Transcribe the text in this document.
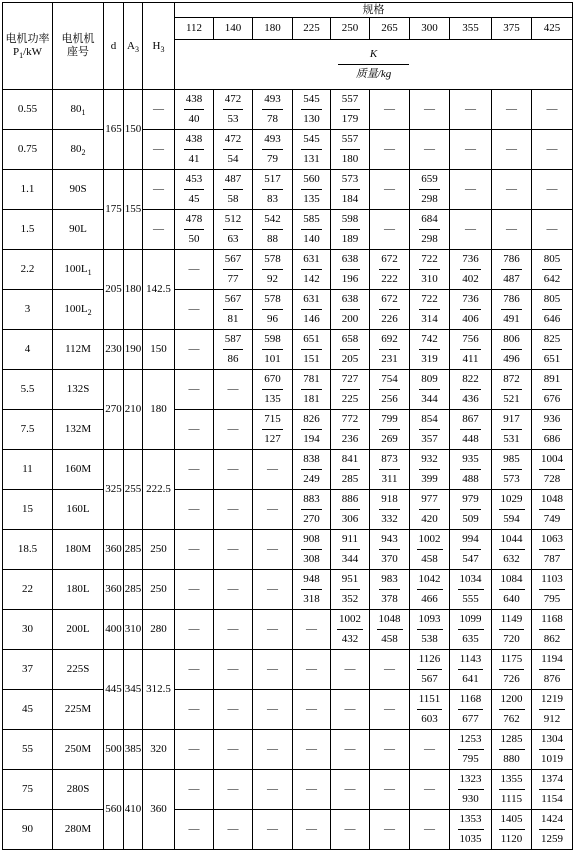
电机功率
$P_1/kW$	电机机
座号	d	$A_3$	$H_3$	规格									
					112	140	180	225	250	265	300	355	375	425

					$\frac{K}{\text{质量/kg}}$

0.55	$80_1$	165	150	—	$\frac{438}{40}$	$\frac{472}{53}$	$\frac{493}{78}$	$\frac{545}{130}$	$\frac{557}{179}$	—	—	—	—	—
0.75	$80_2$			—	$\frac{438}{41}$	$\frac{472}{54}$	$\frac{493}{79}$	$\frac{545}{131}$	$\frac{557}{180}$	—	—	—	—	—
1.1	90S	175	155	—	$\frac{453}{45}$	$\frac{487}{58}$	$\frac{517}{83}$	$\frac{560}{135}$	$\frac{573}{184}$	—	$\frac{659}{298}$	—	—	—
1.5	90L			—	$\frac{478}{50}$	$\frac{512}{63}$	$\frac{542}{88}$	$\frac{585}{140}$	$\frac{598}{189}$	—	$\frac{684}{298}$	—	—	—
2.2	$100L_1$	205	180	142.5	—	$\frac{567}{77}$	$\frac{578}{92}$	$\frac{631}{142}$	$\frac{638}{196}$	$\frac{672}{222}$	$\frac{722}{310}$	$\frac{736}{402}$	$\frac{786}{487}$	$\frac{805}{642}$

3	$100L_2$				—	$\frac{567}{81}$	$\frac{578}{96}$	$\frac{631}{146}$	$\frac{638}{200}$	$\frac{672}{226}$	$\frac{722}{314}$	$\frac{736}{406}$	$\frac{786}{491}$	$\frac{805}{646}$

4	112M	230	190	150	—	$\frac{587}{86}$	$\frac{598}{101}$	$\frac{651}{151}$	$\frac{658}{205}$	$\frac{692}{231}$	$\frac{742}{319}$	$\frac{756}{411}$	$\frac{806}{496}$	$\frac{825}{651}$

5.5	132S	270	210	180	—	—	$\frac{670}{135}$	$\frac{781}{181}$	$\frac{727}{225}$	$\frac{754}{256}$	$\frac{809}{344}$	$\frac{822}{436}$	$\frac{872}{521}$	$\frac{891}{676}$

7.5	132M				—	—	$\frac{715}{127}$	$\frac{826}{194}$	$\frac{772}{236}$	$\frac{799}{269}$	$\frac{854}{357}$	$\frac{867}{448}$	$\frac{917}{531}$	$\frac{936}{686}$

11	160M	325	255	222.5	—	—	—	$\frac{838}{249}$	$\frac{841}{285}$	$\frac{873}{311}$	$\frac{932}{399}$	$\frac{935}{488}$	$\frac{985}{573}$	$\frac{1004}{728}$

15	160L				—	—	—	$\frac{883}{270}$	$\frac{886}{306}$	$\frac{918}{332}$	$\frac{977}{420}$	$\frac{979}{509}$	$\frac{1029}{594}$	$\frac{1048}{749}$

18.5	180M	360	285	250	—	—	—	$\frac{908}{308}$	$\frac{911}{344}$	$\frac{943}{370}$	$\frac{1002}{458}$	$\frac{994}{547}$	$\frac{1044}{632}$	$\frac{1063}{787}$

22	180L	360	285	250	—	—	—	$\frac{948}{318}$	$\frac{951}{352}$	$\frac{983}{378}$	$\frac{1042}{466}$	$\frac{1034}{555}$	$\frac{1084}{640}$	$\frac{1103}{795}$

30	200L	400	310	280	—	—	—	—	$\frac{1002}{432}$	$\frac{1048}{458}$	$\frac{1093}{538}$	$\frac{1099}{635}$	$\frac{1149}{720}$	$\frac{1168}{862}$

37	225S	445	345	312.5	—	—	—	—	—	—	$\frac{1126}{567}$	$\frac{1143}{641}$	$\frac{1175}{726}$	$\frac{1194}{876}$

45	225M				—	—	—	—	—	—	$\frac{1151}{603}$	$\frac{1168}{677}$	$\frac{1200}{762}$	$\frac{1219}{912}$

55	250M	500	385	320	—	—	—	—	—	—	—	$\frac{1253}{795}$	$\frac{1285}{880}$	$\frac{1304}{1019}$

75	280S	560	410	360	—	—	—	—	—	—	—	$\frac{1323}{930}$	$\frac{1355}{1115}$	$\frac{1374}{1154}$

90	280M				—	—	—	—	—	—	—	$\frac{1353}{1035}$	$\frac{1405}{1120}$	$\frac{1424}{1259}$
